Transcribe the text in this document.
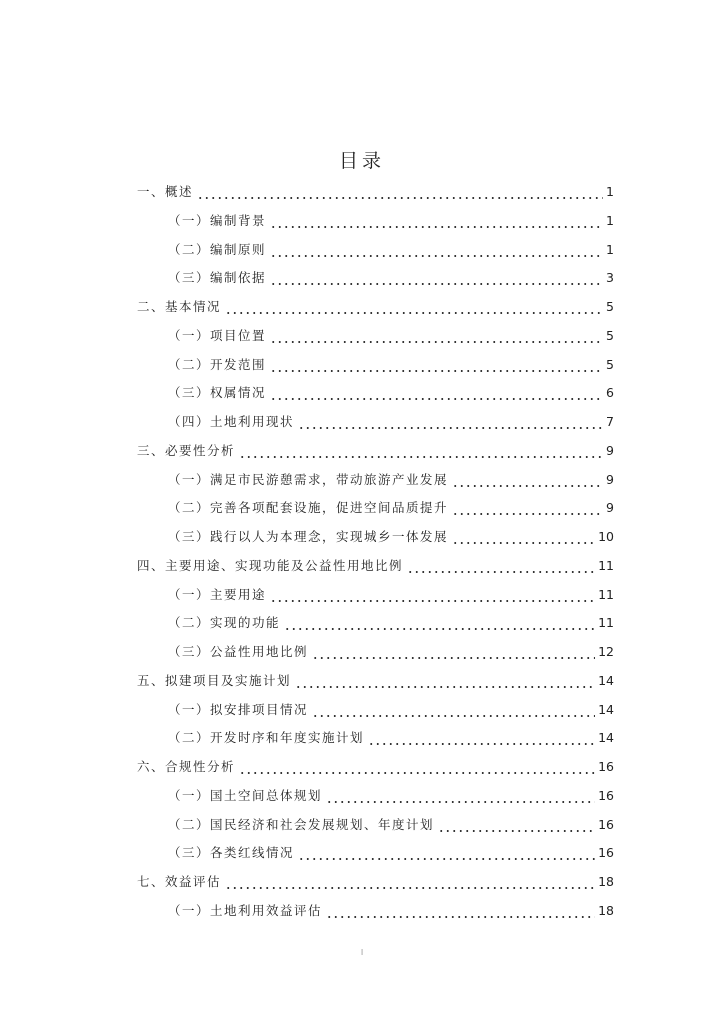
目录
一、概述	1
（一）编制背景	1
（二）编制原则	1
（三）编制依据	3
二、基本情况	5
（一）项目位置	5
（二）开发范围	5
（三）权属情况	6
（四）土地利用现状	7
三、必要性分析	9
（一）满足市民游憩需求，带动旅游产业发展	9
（二）完善各项配套设施，促进空间品质提升	9
（三）践行以人为本理念，实现城乡一体发展	10
四、主要用途、实现功能及公益性用地比例	11
（一）主要用途	11
（二）实现的功能	11
（三）公益性用地比例	12
五、拟建项目及实施计划	14
（一）拟安排项目情况	14
（二）开发时序和年度实施计划	14
六、合规性分析	16
（一）国土空间总体规划	16
（二）国民经济和社会发展规划、年度计划	16
（三）各类红线情况	16
七、效益评估	18
（一）土地利用效益评估	18
I
